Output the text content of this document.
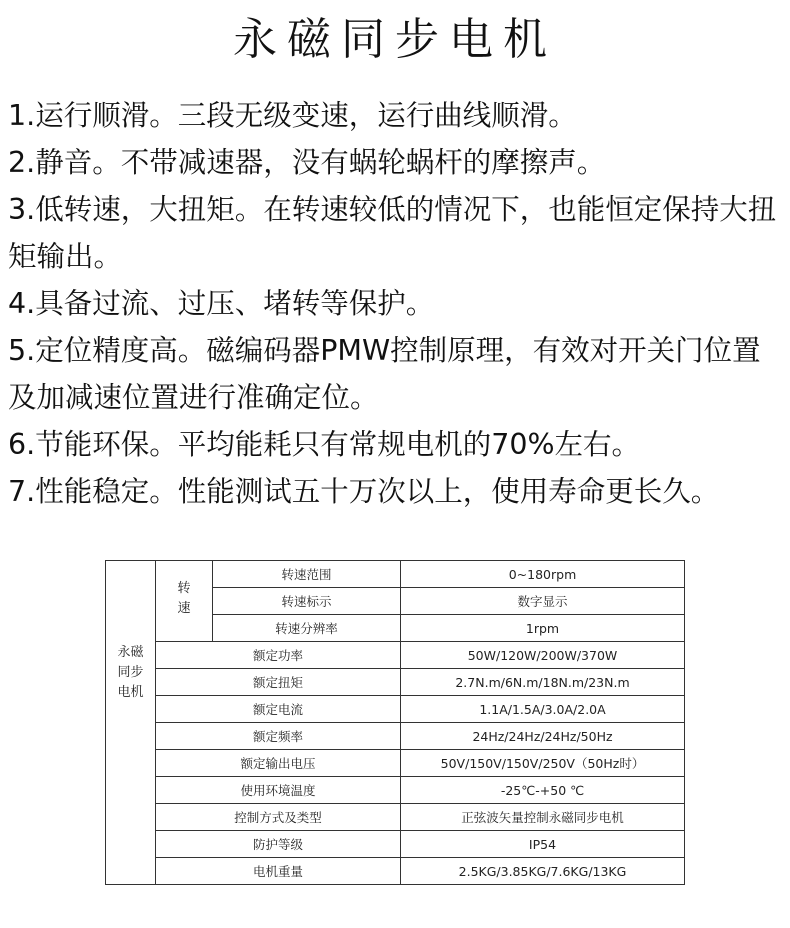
永磁同步电机
1.运行顺滑。三段无级变速，运行曲线顺滑。
2.静音。不带减速器，没有蜗轮蜗杆的摩擦声。
3.低转速，大扭矩。在转速较低的情况下，也能恒定保持大扭矩输出。
4.具备过流、过压、堵转等保护。
5.定位精度高。磁编码器PMW控制原理，有效对开关门位置及加减速位置进行准确定位。
6.节能环保。平均能耗只有常规电机的70%左右。
7.性能稳定。性能测试五十万次以上，使用寿命更长久。
永磁同步电机	转速	转速范围	0~180rpm
		转速标示	数字显示
		转速分辨率	1rpm
	额定功率		50W/120W/200W/370W
	额定扭矩		2.7N.m/6N.m/18N.m/23N.m
	额定电流		1.1A/1.5A/3.0A/2.0A
	额定频率		24Hz/24Hz/24Hz/50Hz
	额定输出电压		50V/150V/150V/250V（50Hz时）
	使用环境温度		-25℃-+50 ℃
	控制方式及类型		正弦波矢量控制永磁同步电机
	防护等级		IP54
	电机重量		2.5KG/3.85KG/7.6KG/13KG
